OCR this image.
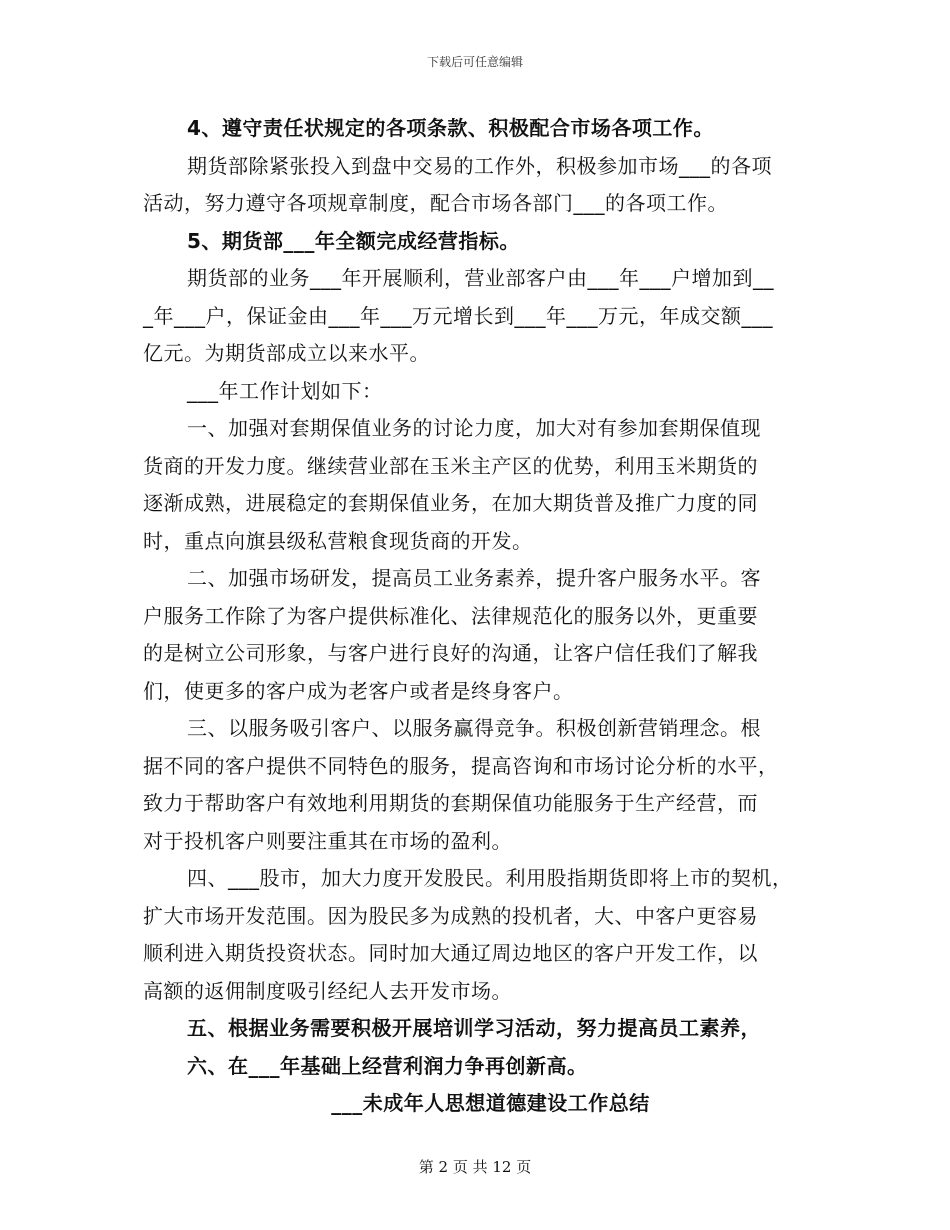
下载后可任意编辑
4、遵守责任状规定的各项条款、积极配合市场各项工作。
期货部除紧张投入到盘中交易的工作外，积极参加市场___的各项
活动，努力遵守各项规章制度，配合市场各部门___的各项工作。
5、期货部___年全额完成经营指标。
期货部的业务___年开展顺利，营业部客户由___年___户增加到__
_年___户，保证金由___年___万元增长到___年___万元，年成交额___
亿元。为期货部成立以来水平。
___年工作计划如下：
一、加强对套期保值业务的讨论力度，加大对有参加套期保值现
货商的开发力度。继续营业部在玉米主产区的优势，利用玉米期货的
逐渐成熟，进展稳定的套期保值业务，在加大期货普及推广力度的同
时，重点向旗县级私营粮食现货商的开发。
二、加强市场研发，提高员工业务素养，提升客户服务水平。客
户服务工作除了为客户提供标准化、法律规范化的服务以外，更重要
的是树立公司形象，与客户进行良好的沟通，让客户信任我们了解我
们，使更多的客户成为老客户或者是终身客户。
三、以服务吸引客户、以服务赢得竞争。积极创新营销理念。根
据不同的客户提供不同特色的服务，提高咨询和市场讨论分析的水平，
致力于帮助客户有效地利用期货的套期保值功能服务于生产经营，而
对于投机客户则要注重其在市场的盈利。
四、___股市，加大力度开发股民。利用股指期货即将上市的契机，
扩大市场开发范围。因为股民多为成熟的投机者，大、中客户更容易
顺利进入期货投资状态。同时加大通辽周边地区的客户开发工作，以
高额的返佣制度吸引经纪人去开发市场。
五、根据业务需要积极开展培训学习活动，努力提高员工素养，
六、在___年基础上经营利润力争再创新高。
___未成年人思想道德建设工作总结
第 2 页 共 12 页
